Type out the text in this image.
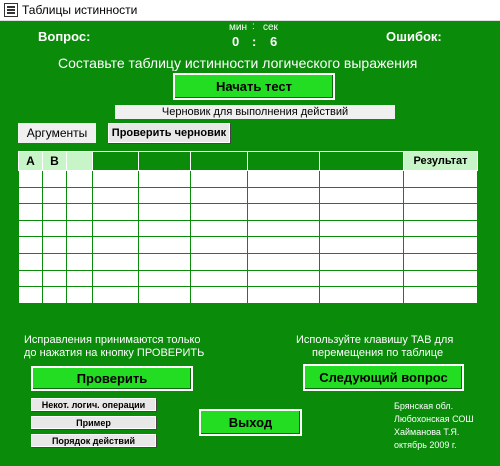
Таблицы истинности
Вопрос:	Ошибок:
мин сек
:
0 : 6
Составьте таблицу истинности логического выражения
Начать тест
Черновик для выполнения действий
Аргументы	Проверить черновик
A	B							Результат

Исправления принимаются только
до нажатия на кнопку ПРОВЕРИТЬ
Используйте клавишу TAB для
перемещения по таблице
Проверить	Следующий вопрос
Некот. логич. операции
Пример
Порядок действий
Выход
Брянская обл.
Любохонская СОШ
Хайманова Т.Я.
октябрь 2009 г.
